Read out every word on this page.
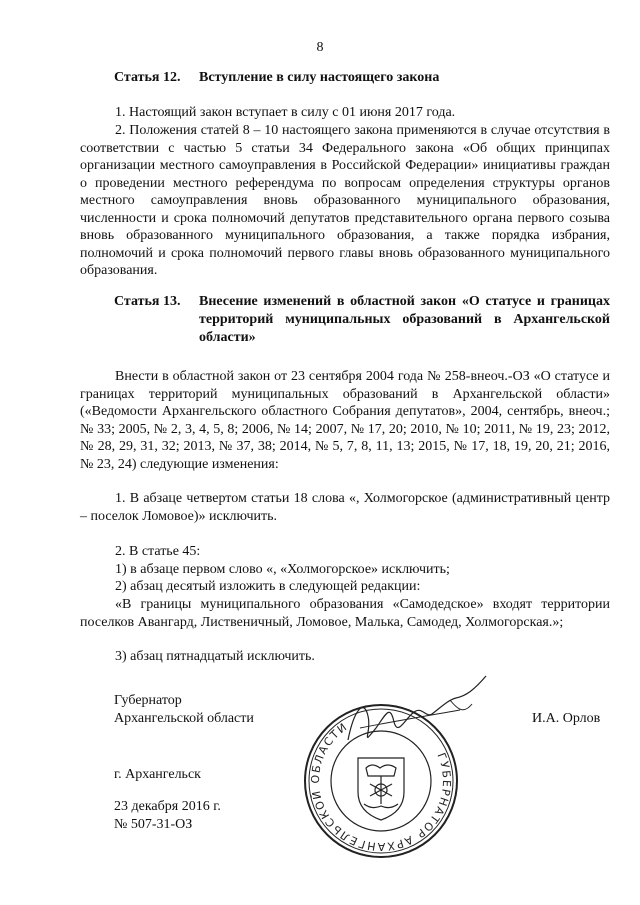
8
Статья 12. Вступление в силу настоящего закона

1. Настоящий закон вступает в силу с 01 июня 2017 года.

2. Положения статей 8 – 10 настоящего закона применяются в случае отсутствия в соответствии с частью 5 статьи 34 Федерального закона «Об общих принципах организации местного самоуправления в Российской Федерации» инициативы граждан о проведении местного референдума по вопросам определения структуры органов местного самоуправления вновь образованного муниципального образования, численности и срока полномочий депутатов представительного органа первого созыва вновь образованного муниципального образования, а также порядка избрания, полномочий и срока полномочий первого главы вновь образованного муниципального образования.

Статья 13. Внесение изменений в областной закон «О статусе и границах территорий муниципальных образований в Архангельской области»

Внести в областной закон от 23 сентября 2004 года № 258-внеоч.-ОЗ «О статусе и границах территорий муниципальных образований в Архангельской области» («Ведомости Архангельского областного Собрания депутатов», 2004, сентябрь, внеоч.; № 33; 2005, № 2, 3, 4, 5, 8; 2006, № 14; 2007, № 17, 20; 2010, № 10; 2011, № 19, 23; 2012, № 28, 29, 31, 32; 2013, № 37, 38; 2014, № 5, 7, 8, 11, 13; 2015, № 17, 18, 19, 20, 21; 2016, № 23, 24) следующие изменения:

1. В абзаце четвертом статьи 18 слова «, Холмогорское (административный центр – поселок Ломовое)» исключить.

2. В статье 45:

1) в абзаце первом слово «, «Холмогорское» исключить;

2) абзац десятый изложить в следующей редакции:

«В границы муниципального образования «Самодедское» входят территории поселков Авангард, Лиственичный, Ломовое, Малька, Самодед, Холмогорская.»;

3) абзац пятнадцатый исключить.

Губернатор
Архангельской области	И.А. Орлов
ГУБЕРНАТОР АРХАНГЕЛЬСКОЙ ОБЛАСТИ
г. Архангельск
23 декабря 2016 г.
№ 507-31-ОЗ
